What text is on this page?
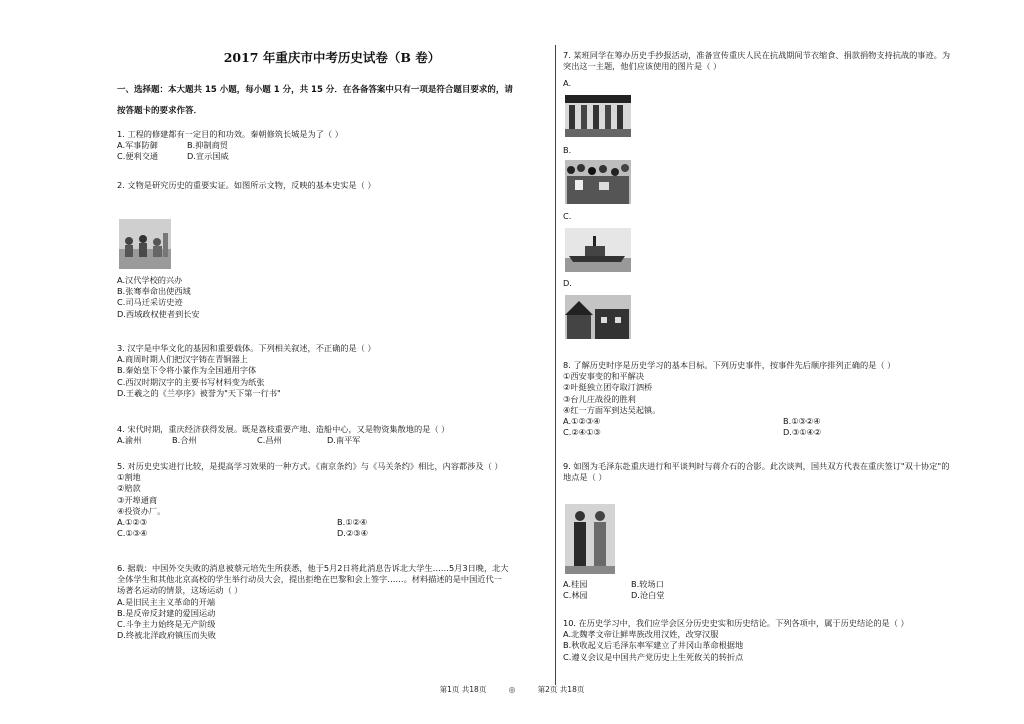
2017 年重庆市中考历史试卷（B 卷）
一、选择题：本大题共 15 小题，每小题 1 分，共 15 分．在各备答案中只有一项是符合题目要求的，请
按答题卡的要求作答．
1. 工程的修建都有一定目的和功效。秦朝修筑长城是为了（ ）
A.军事防御	B.抑制商贸
C.便利交通	D.宣示国威
2. 文物是研究历史的重要实证。如图所示文物，反映的基本史实是（ ）
A.汉代学校的兴办
B.张骞奉命出使西域
C.司马迁采访史迹
D.西域政权使者到长安
3. 汉字是中华文化的基因和重要载体。下列相关叙述，不正确的是（ ）
A.商周时期人们把汉字铸在青铜器上
B.秦始皇下令将小篆作为全国通用字体
C.西汉时期汉字的主要书写材料变为纸张
D.王羲之的《兰亭序》被誉为"天下第一行书"
4. 宋代时期，重庆经济获得发展。既是荔枝重要产地、造船中心，又是物资集散地的是（ ）
A.渝州	B.合州	C.昌州	D.南平军
5. 对历史史实进行比较，是提高学习效果的一种方式。《南京条约》与《马关条约》相比，内容都涉及（ ）
①割地
②赔款
③开埠通商
④投资办厂。
A.①②③	B.①②④
C.①③④	D.②③④
6. 据载：中国外交失败的消息被蔡元培先生所获悉，他于5月2日将此消息告诉北大学生……5月3日晚，北大
全体学生和其他北京高校的学生举行动员大会，提出拒绝在巴黎和会上签字……。材料描述的是中国近代一
场著名运动的情景，这场运动（ ）
A.是旧民主主义革命的开端
B.是反帝反封建的爱国运动
C.斗争主力始终是无产阶级
D.终被北洋政府镇压而失败
7. 某班同学在筹办历史手抄报活动，准备宣传重庆人民在抗战期间节衣缩食、捐款捐物支持抗战的事迹。为
突出这一主题，他们应该使用的图片是（ ）
A.
B.
C.
D.
8. 了解历史时序是历史学习的基本目标。下列历史事件，按事件先后顺序排列正确的是（ ）
①西安事变的和平解决
②叶挺独立团夺取汀泗桥
③台儿庄战役的胜利
④红一方面军到达吴起镇。
A.①②③④	B.①③②④
C.②④①③	D.③①④②
9. 如图为毛泽东赴重庆进行和平谈判时与蒋介石的合影。此次谈判，国共双方代表在重庆签订"双十协定"的
地点是（ ）
A.桂园	B.较场口
C.林园	D.沧白堂
10. 在历史学习中，我们应学会区分历史史实和历史结论。下列各项中，属于历史结论的是（ ）
A.北魏孝文帝让鲜卑族改用汉姓，改穿汉服
B.秋收起义后毛泽东率军建立了井冈山革命根据地
C.遵义会议是中国共产党历史上生死攸关的转折点
第1页 共18页	◎	第2页 共18页
